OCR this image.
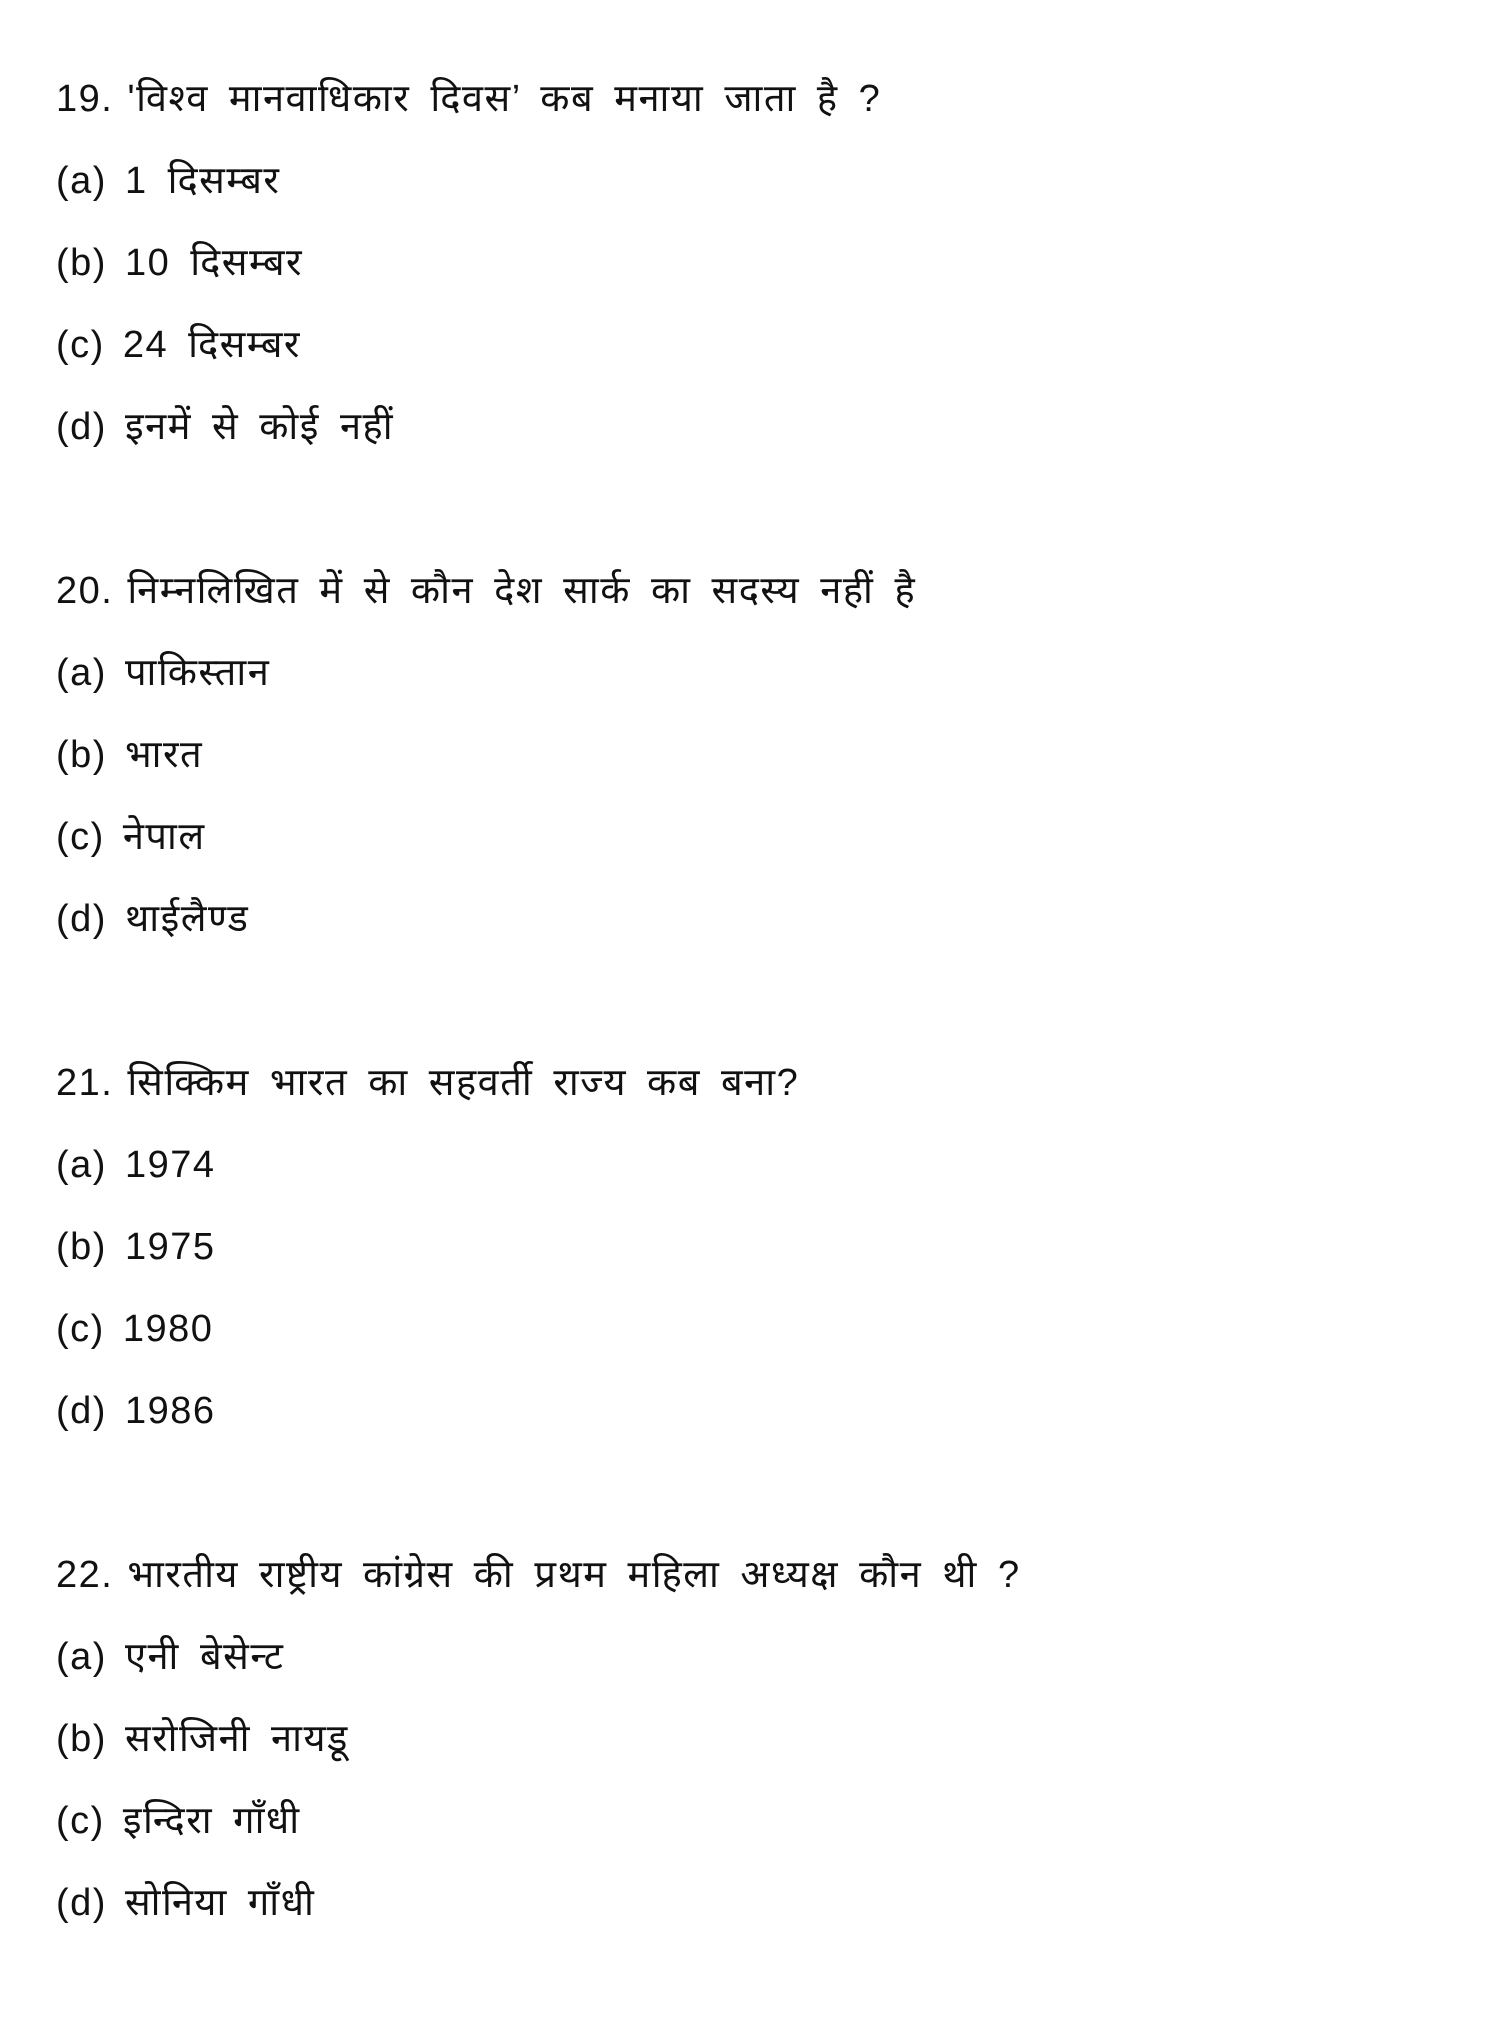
19. 'विश्व मानवाधिकार दिवस’ कब मनाया जाता है ?
(a) 1 दिसम्बर
(b) 10 दिसम्बर
(c) 24 दिसम्बर
(d) इनमें से कोई नहीं
20. निम्नलिखित में से कौन देश सार्क का सदस्य नहीं है
(a) पाकिस्तान
(b) भारत
(c) नेपाल
(d) थाईलैण्ड
21. सिक्किम भारत का सहवर्ती राज्य कब बना?
(a) 1974
(b) 1975
(c) 1980
(d) 1986
22. भारतीय राष्ट्रीय कांग्रेस की प्रथम महिला अध्यक्ष कौन थी ?
(a) एनी बेसेन्ट
(b) सरोजिनी नायडू
(c) इन्दिरा गाँधी
(d) सोनिया गाँधी
